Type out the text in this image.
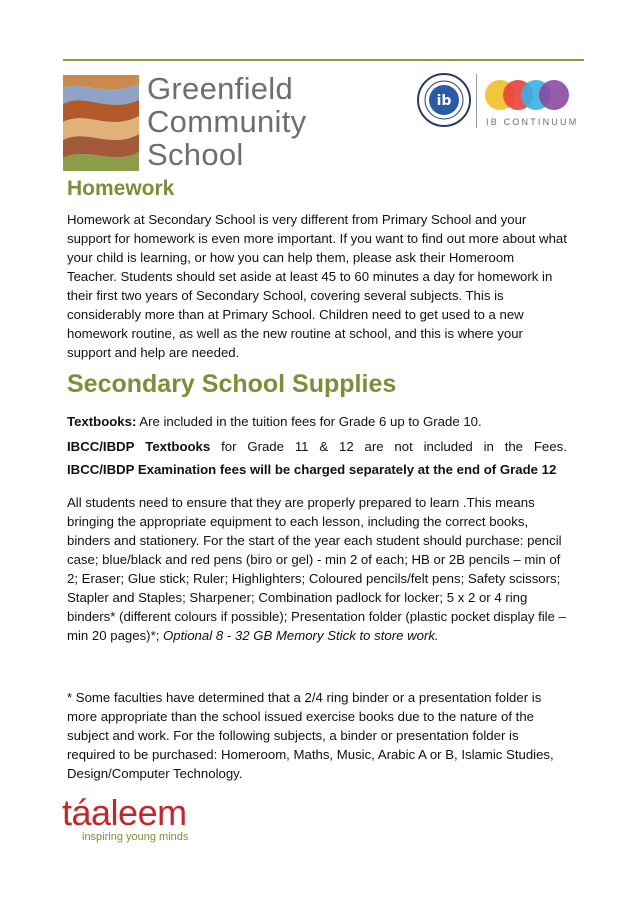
Greenfield
Community
School
ib
IB CONTINUUM
Homework
Homework at Secondary School is very different from Primary School and your support for homework is even more important. If you want to find out more about what your child is learning, or how you can help them, please ask their Homeroom Teacher. Students should set aside at least 45 to 60 minutes a day for homework in their first two years of Secondary School, covering several subjects. This is considerably more than at Primary School. Children need to get used to a new homework routine, as well as the new routine at school, and this is where your support and help are needed.
Secondary School Supplies
Textbooks: Are included in the tuition fees for Grade 6 up to Grade 10.
IBCC/IBDP Textbooks for Grade 11 & 12 are not included in the Fees.
IBCC/IBDP Examination fees will be charged separately at the end of Grade 12
All students need to ensure that they are properly prepared to learn .This means bringing the appropriate equipment to each lesson, including the correct books, binders and stationery. For the start of the year each student should purchase: pencil case; blue/black and red pens (biro or gel) - min 2 of each; HB or 2B pencils – min of 2; Eraser; Glue stick; Ruler; Highlighters; Coloured pencils/felt pens; Safety scissors; Stapler and Staples; Sharpener; Combination padlock for locker; 5 x 2 or 4 ring binders* (different colours if possible); Presentation folder (plastic pocket display file – min 20 pages)*; Optional 8 - 32 GB Memory Stick to store work.
* Some faculties have determined that a 2/4 ring binder or a presentation folder is more appropriate than the school issued exercise books due to the nature of the subject and work. For the following subjects, a binder or presentation folder is required to be purchased: Homeroom, Maths, Music, Arabic A or B, Islamic Studies, Design/Computer Technology.
táaleem
inspiring young minds
